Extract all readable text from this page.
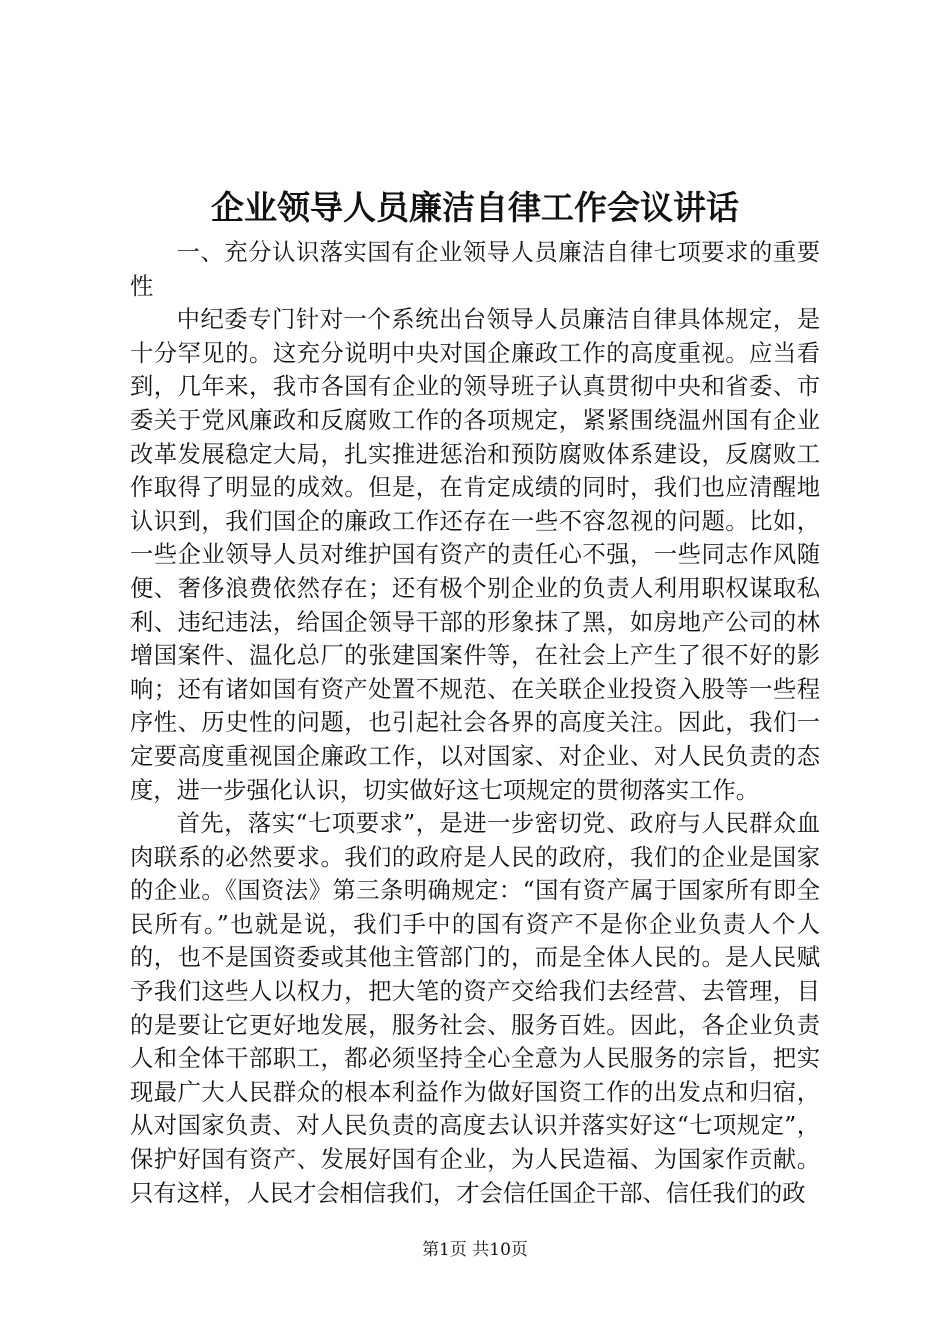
企业领导人员廉洁自律工作会议讲话

一、充分认识落实国有企业领导人员廉洁自律七项要求的重要性

中纪委专门针对一个系统出台领导人员廉洁自律具体规定，是十分罕见的。这充分说明中央对国企廉政工作的高度重视。应当看到，几年来，我市各国有企业的领导班子认真贯彻中央和省委、市委关于党风廉政和反腐败工作的各项规定，紧紧围绕温州国有企业改革发展稳定大局，扎实推进惩治和预防腐败体系建设，反腐败工作取得了明显的成效。但是，在肯定成绩的同时，我们也应清醒地认识到，我们国企的廉政工作还存在一些不容忽视的问题。比如，一些企业领导人员对维护国有资产的责任心不强，一些同志作风随便、奢侈浪费依然存在；还有极个别企业的负责人利用职权谋取私利、违纪违法，给国企领导干部的形象抹了黑，如房地产公司的林增国案件、温化总厂的张建国案件等，在社会上产生了很不好的影响；还有诸如国有资产处置不规范、在关联企业投资入股等一些程序性、历史性的问题，也引起社会各界的高度关注。因此，我们一定要高度重视国企廉政工作，以对国家、对企业、对人民负责的态度，进一步强化认识，切实做好这七项规定的贯彻落实工作。

首先，落实“七项要求”，是进一步密切党、政府与人民群众血肉联系的必然要求。我们的政府是人民的政府，我们的企业是国家的企业。《国资法》第三条明确规定：“国有资产属于国家所有即全民所有。”也就是说，我们手中的国有资产不是你企业负责人个人的，也不是国资委或其他主管部门的，而是全体人民的。是人民赋予我们这些人以权力，把大笔的资产交给我们去经营、去管理，目的是要让它更好地发展，服务社会、服务百姓。因此，各企业负责人和全体干部职工，都必须坚持全心全意为人民服务的宗旨，把实现最广大人民群众的根本利益作为做好国资工作的出发点和归宿，从对国家负责、对人民负责的高度去认识并落实好这“七项规定”，保护好国有资产、发展好国有企业，为人民造福、为国家作贡献。只有这样，人民才会相信我们，才会信任国企干部、信任我们的政

第1页 共10页
